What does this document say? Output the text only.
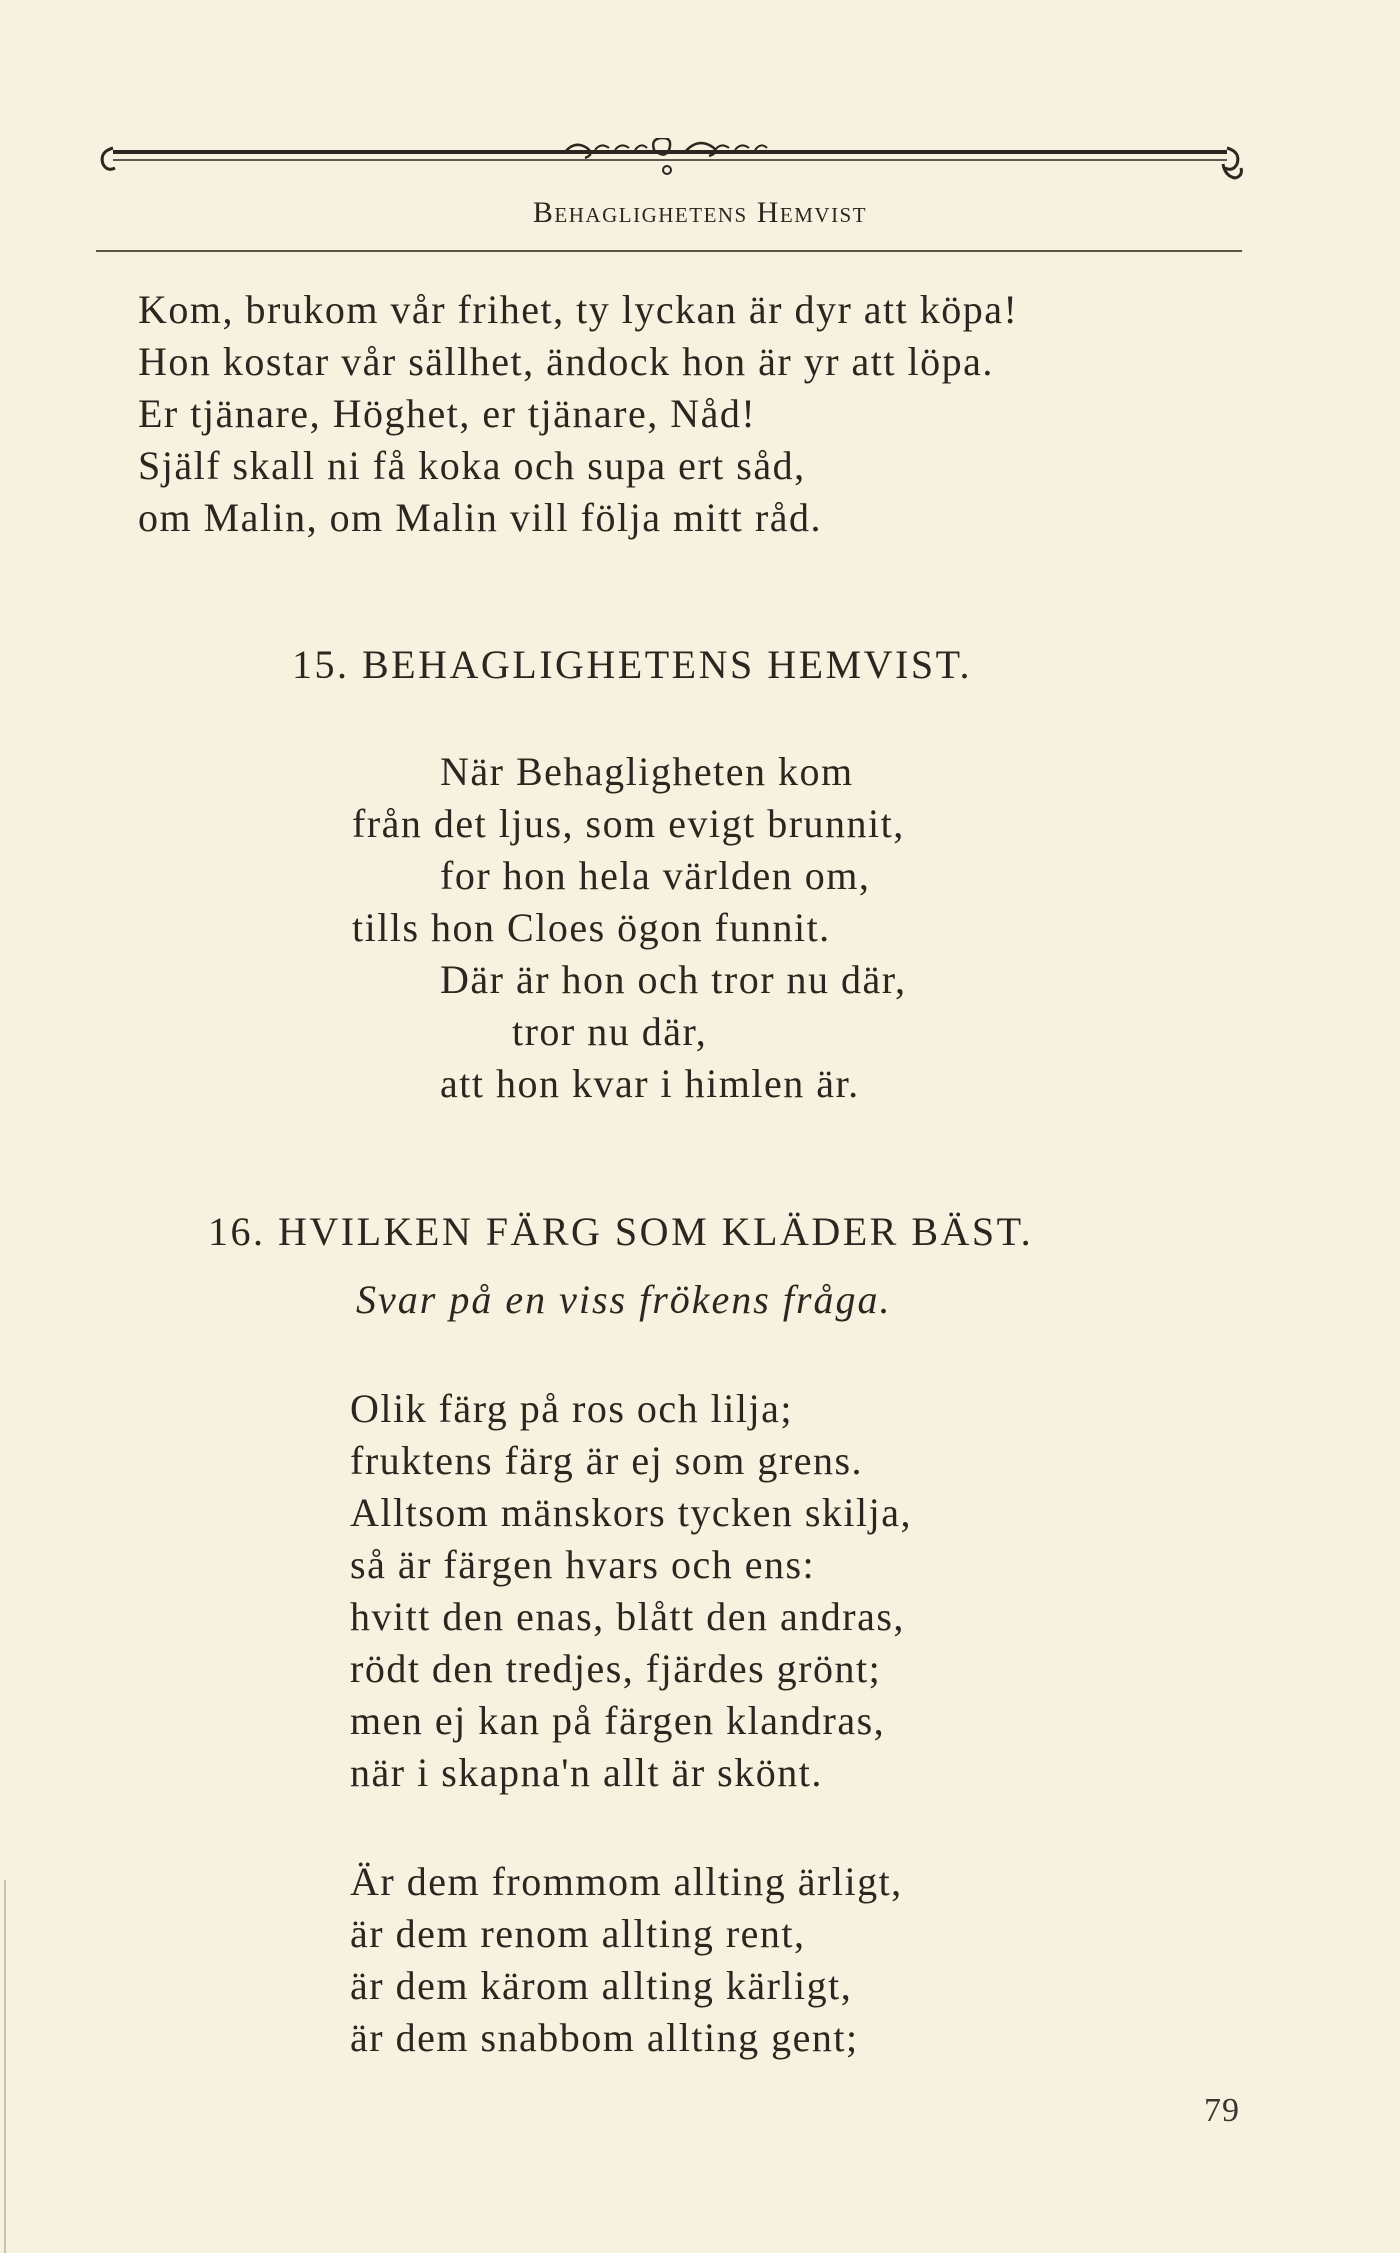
Behaglighetens Hemvist
Kom, brukom vår frihet, ty lyckan är dyr att köpa!
Hon kostar vår sällhet, ändock hon är yr att löpa.
Er tjänare, Höghet, er tjänare, Nåd!
Själf skall ni få koka och supa ert såd,
om Malin, om Malin vill följa mitt råd.
15. BEHAGLIGHETENS HEMVIST.
När Behagligheten kom
från det ljus, som evigt brunnit,
for hon hela världen om,
tills hon Cloes ögon funnit.
Där är hon och tror nu där,
tror nu där,
att hon kvar i himlen är.
16. HVILKEN FÄRG SOM KLÄDER BÄST.
Svar på en viss frökens fråga.
Olik färg på ros och lilja;
fruktens färg är ej som grens.
Alltsom mänskors tycken skilja,
så är färgen hvars och ens:
hvitt den enas, blått den andras,
rödt den tredjes, fjärdes grönt;
men ej kan på färgen klandras,
när i skapna'n allt är skönt.
Är dem frommom allting ärligt,
är dem renom allting rent,
är dem kärom allting kärligt,
är dem snabbom allting gent;
79
